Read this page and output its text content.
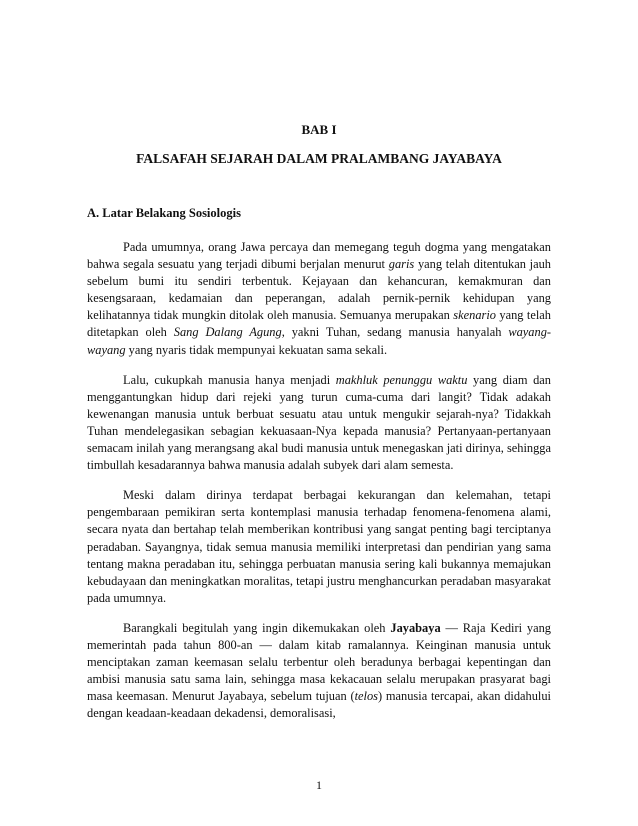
BAB I
FALSAFAH SEJARAH DALAM PRALAMBANG JAYABAYA
A. Latar Belakang Sosiologis

Pada umumnya, orang Jawa percaya dan memegang teguh dogma yang mengatakan bahwa segala sesuatu yang terjadi dibumi berjalan menurut garis yang telah ditentukan jauh sebelum bumi itu sendiri terbentuk. Kejayaan dan kehancuran, kemakmuran dan kesengsaraan, kedamaian dan peperangan, adalah pernik-pernik kehidupan yang kelihatannya tidak mungkin ditolak oleh manusia. Semuanya merupakan skenario yang telah ditetapkan oleh Sang Dalang Agung, yakni Tuhan, sedang manusia hanyalah wayang-wayang yang nyaris tidak mempunyai kekuatan sama sekali.

Lalu, cukupkah manusia hanya menjadi makhluk penunggu waktu yang diam dan menggantungkan hidup dari rejeki yang turun cuma-cuma dari langit? Tidak adakah kewenangan manusia untuk berbuat sesuatu atau untuk mengukir sejarah-nya? Tidakkah Tuhan mendelegasikan sebagian kekuasaan-Nya kepada manusia? Pertanyaan-pertanyaan semacam inilah yang merangsang akal budi manusia untuk menegaskan jati dirinya, sehingga timbullah kesadarannya bahwa manusia adalah subyek dari alam semesta.

Meski dalam dirinya terdapat berbagai kekurangan dan kelemahan, tetapi pengembaraan pemikiran serta kontemplasi manusia terhadap fenomena-fenomena alami, secara nyata dan bertahap telah memberikan kontribusi yang sangat penting bagi terciptanya peradaban. Sayangnya, tidak semua manusia memiliki interpretasi dan pendirian yang sama tentang makna peradaban itu, sehingga perbuatan manusia sering kali bukannya memajukan kebudayaan dan meningkatkan moralitas, tetapi justru menghancurkan peradaban masyarakat pada umumnya.

Barangkali begitulah yang ingin dikemukakan oleh Jayabaya — Raja Kediri yang memerintah pada tahun 800-an — dalam kitab ramalannya. Keinginan manusia untuk menciptakan zaman keemasan selalu terbentur oleh beradunya berbagai kepentingan dan ambisi manusia satu sama lain, sehingga masa kekacauan selalu merupakan prasyarat bagi masa keemasan. Menurut Jayabaya, sebelum tujuan (telos) manusia tercapai, akan didahului dengan keadaan-keadaan dekadensi, demoralisasi,

1
